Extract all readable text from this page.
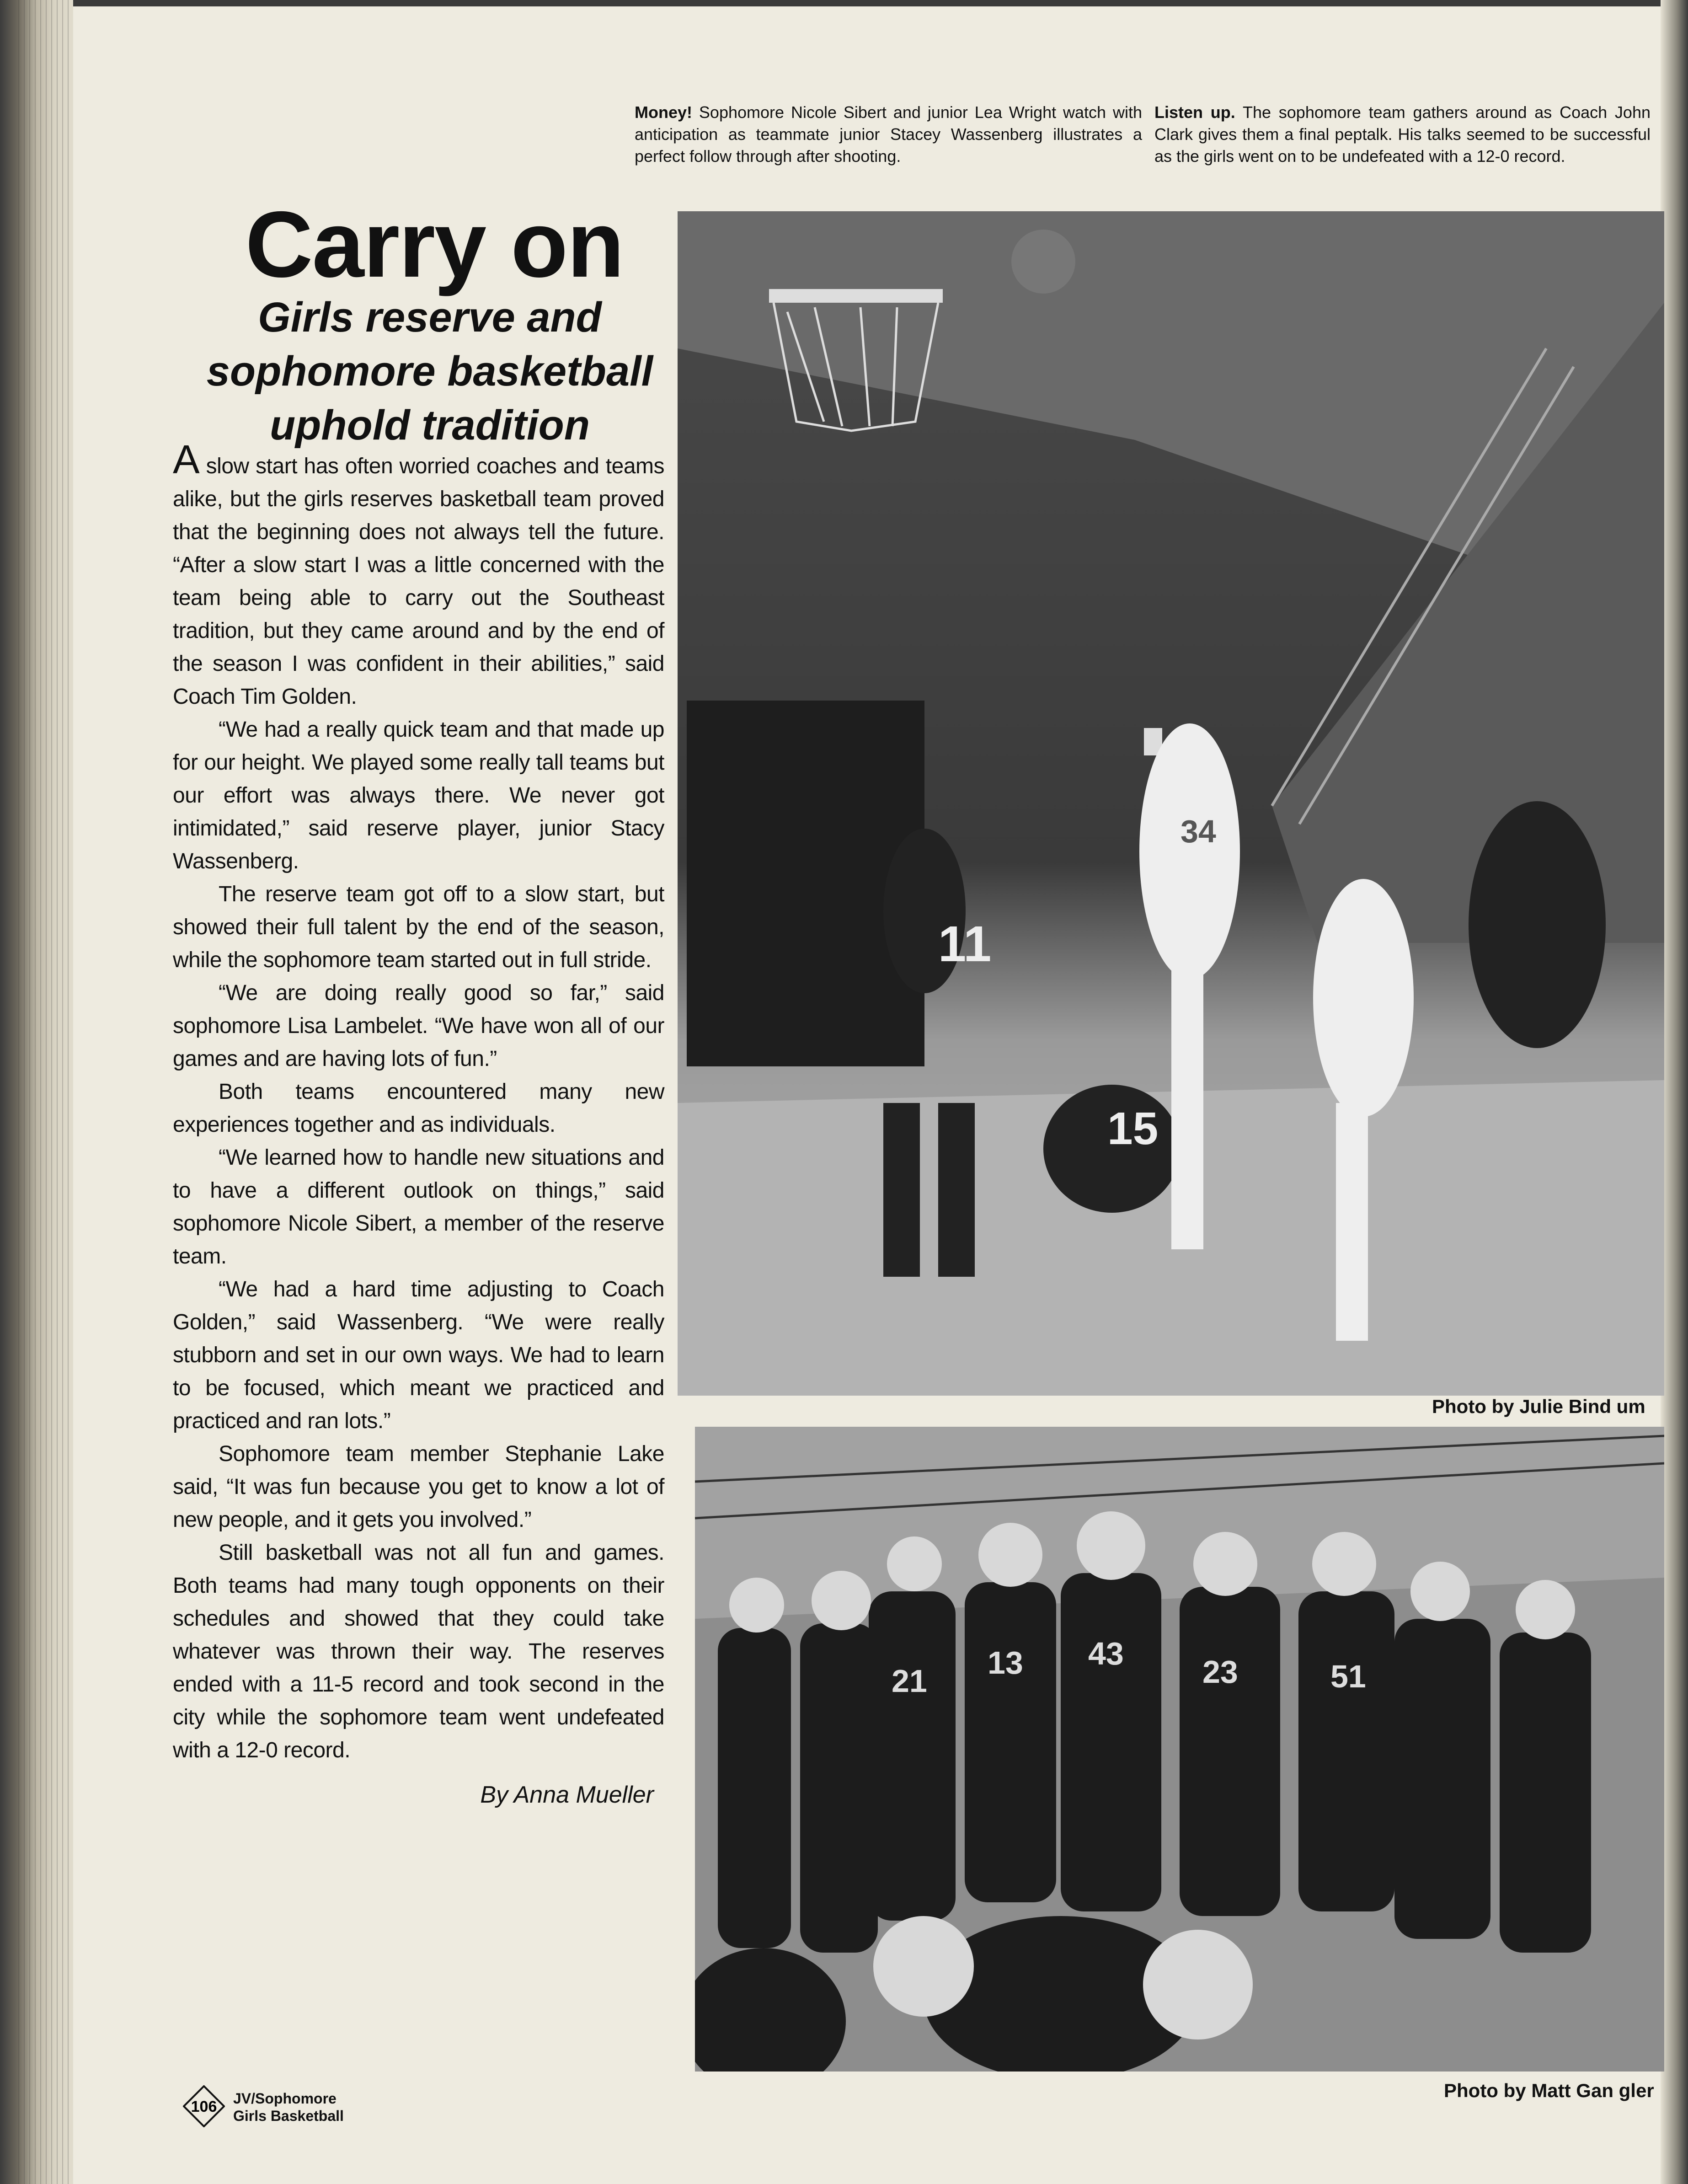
Money! Sophomore Nicole Sibert and junior Lea Wright watch with anticipation as teammate junior Stacey Wassenberg illustrates a perfect follow through after shooting.
Listen up. The sophomore team gathers around as Coach John Clark gives them a final peptalk. His talks seemed to be successful as the girls went on to be undefeated with a 12-0 record.
Carry on
Girls reserve and sophomore basketball uphold tradition

A slow start has often worried coaches and teams alike, but the girls reserves basketball team proved that the beginning does not always tell the future. “After a slow start I was a little concerned with the team being able to carry out the Southeast tradition, but they came around and by the end of the season I was confident in their abilities,” said Coach Tim Golden.

“We had a really quick team and that made up for our height. We played some really tall teams but our effort was always there. We never got intimidated,” said reserve player, junior Stacy Wassenberg.

The reserve team got off to a slow start, but showed their full talent by the end of the season, while the sophomore team started out in full stride.

“We are doing really good so far,” said sophomore Lisa Lambelet. “We have won all of our games and are having lots of fun.”

Both teams encountered many new experiences together and as individuals.

“We learned how to handle new situations and to have a different outlook on things,” said sophomore Nicole Sibert, a member of the reserve team.

“We had a hard time adjusting to Coach Golden,” said Wassenberg. “We were really stubborn and set in our own ways. We had to learn to be focused, which meant we practiced and practiced and ran lots.”

Sophomore team member Stephanie Lake said, “It was fun because you get to know a lot of new people, and it gets you involved.”

Still basketball was not all fun and games. Both teams had many tough opponents on their schedules and showed that they could take whatever was thrown their way. The reserves ended with a 11-5 record and took second in the city while the sophomore team went undefeated with a 12-0 record.

By Anna Mueller
11
15
34
Photo by Julie Bind um
21
13 43
23	51
Photo by Matt Gan gler
106 JV/Sophomore
Girls Basketball
